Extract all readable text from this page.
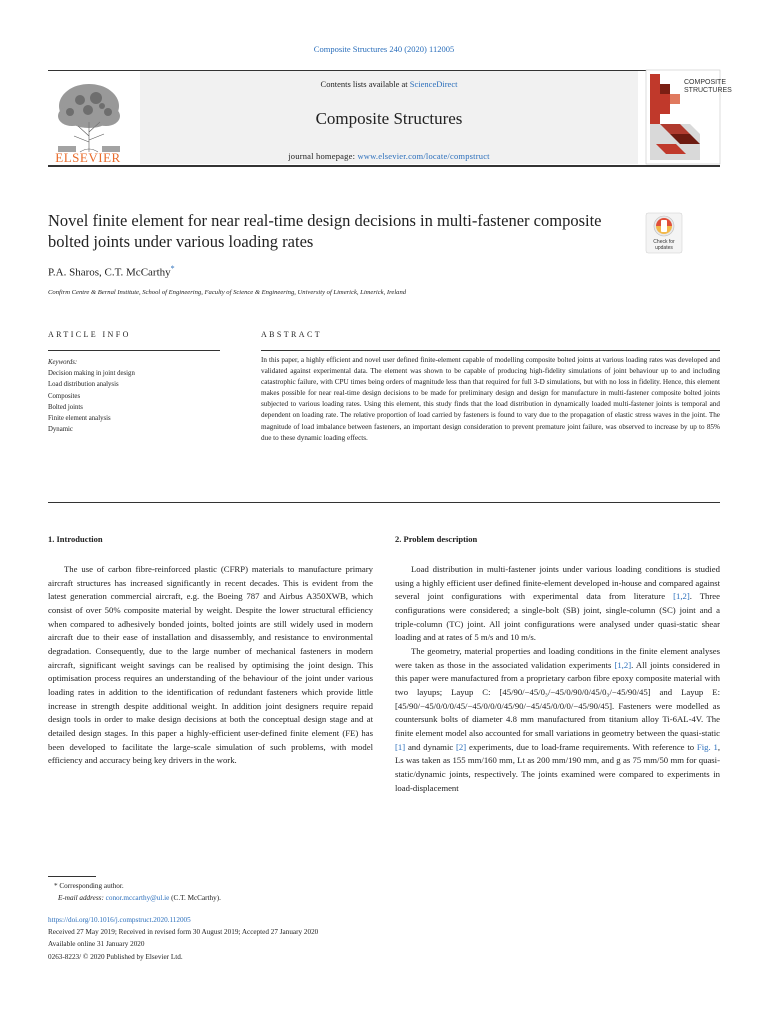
Composite Structures 240 (2020) 112005
ELSEVIER
Contents lists available at ScienceDirect
Composite Structures
journal homepage: www.elsevier.com/locate/compstruct
COMPOSITE
STRUCTURES
Novel finite element for near real-time design decisions in multi-fastener composite bolted joints under various loading rates	Check for
updates
P.A. Sharos, C.T. McCarthy*
Confirm Centre & Bernal Institute, School of Engineering, Faculty of Science & Engineering, University of Limerick, Limerick, Ireland
ARTICLE INFO	ABSTRACT
Keywords:
Decision making in joint design
Load distribution analysis
Composites
Bolted joints
Finite element analysis
Dynamic

In this paper, a highly efficient and novel user defined finite-element capable of modelling composite bolted joints at various loading rates was developed and validated against experimental data. The element was shown to be capable of producing high-fidelity simulations of joint behaviour up to and including catastrophic failure, with CPU times being orders of magnitude less than that required for full 3-D simulations, but with no loss in fidelity. Hence, this element makes possible for near real-time design decisions to be made for preliminary design and design for manufacture in multi-fastener composite bolted joints subjected to various loading rates. Using this element, this study finds that the load distribution in dynamically loaded multi-fastener joints is temporal and dependent on loading rate. The relative proportion of load carried by fasteners is found to vary due to the propagation of elastic stress waves in the joint. The magnitude of load imbalance between fasteners, an important design consideration to prevent premature joint failure, was observed to increase by up to 85% due to these dynamic loading effects.

1. Introduction

The use of carbon fibre-reinforced plastic (CFRP) materials to manufacture primary aircraft structures has increased significantly in recent decades. This is evident from the latest generation commercial aircraft, e.g. the Boeing 787 and Airbus A350XWB, which consist of over 50% composite material by weight. Despite the lower structural efficiency when compared to adhesively bonded joints, bolted joints are still widely used in modern aircraft due to their ease of installation and disassembly, and resistance to environmental degradation. Consequently, due to the large number of mechanical fasteners in modern aircraft, significant weight savings can be realised by optimising the joint design. This optimisation process requires an understanding of the behaviour of the joint under various loading rates in addition to the identification of redundant fasteners which provide little increase in strength despite additional weight. In addition joint designers require repaid design tools in order to make design decisions at both the conceptual design stage and at detailed design stages. In this paper a highly-efficient user-defined finite element (FE) has been developed to facilitate the large-scale simulation of such problems, with model efficiency and accuracy being key drivers in the work.

2. Problem description

Load distribution in multi-fastener joints under various loading conditions is studied using a highly efficient user defined finite-element developed in-house and compared against several joint configurations with experimental data from literature [1,2]. Three configurations were considered; a single-bolt (SB) joint, single-column (SC) joint and a triple-column (TC) joint. All joint configurations were analysed under quasi-static shear loading and at rates of 5 m/s and 10 m/s.

The geometry, material properties and loading conditions in the finite element analyses were taken as those in the associated validation experiments [1,2]. All joints considered in this paper were manufactured from a proprietary carbon fibre epoxy composite material with two layups; Layup C: [45/90/−45/0₃/−45/0/90/0/45/0₃/−45/90/45] and Layup E: [45/90/−45/0/0/0/45/−45/0/0/0/45/90/−45/45/0/0/0/−45/90/45]. Fasteners were modelled as countersunk bolts of diameter 4.8 mm manufactured from titanium alloy Ti-6AL-4V. The finite element model also accounted for small variations in geometry between the quasi-static [1] and dynamic [2] experiments, due to load-frame requirements. With reference to Fig. 1, Ls was taken as 155 mm/160 mm, Lt as 200 mm/190 mm, and g as 75 mm/50 mm for quasi-static/dynamic joints, respectively. The joints examined were compared to experiments in load-displacement

* Corresponding author.
E-mail address: conor.mccarthy@ul.ie (C.T. McCarthy).
https://doi.org/10.1016/j.compstruct.2020.112005
Received 27 May 2019; Received in revised form 30 August 2019; Accepted 27 January 2020
Available online 31 January 2020
0263-8223/ © 2020 Published by Elsevier Ltd.
